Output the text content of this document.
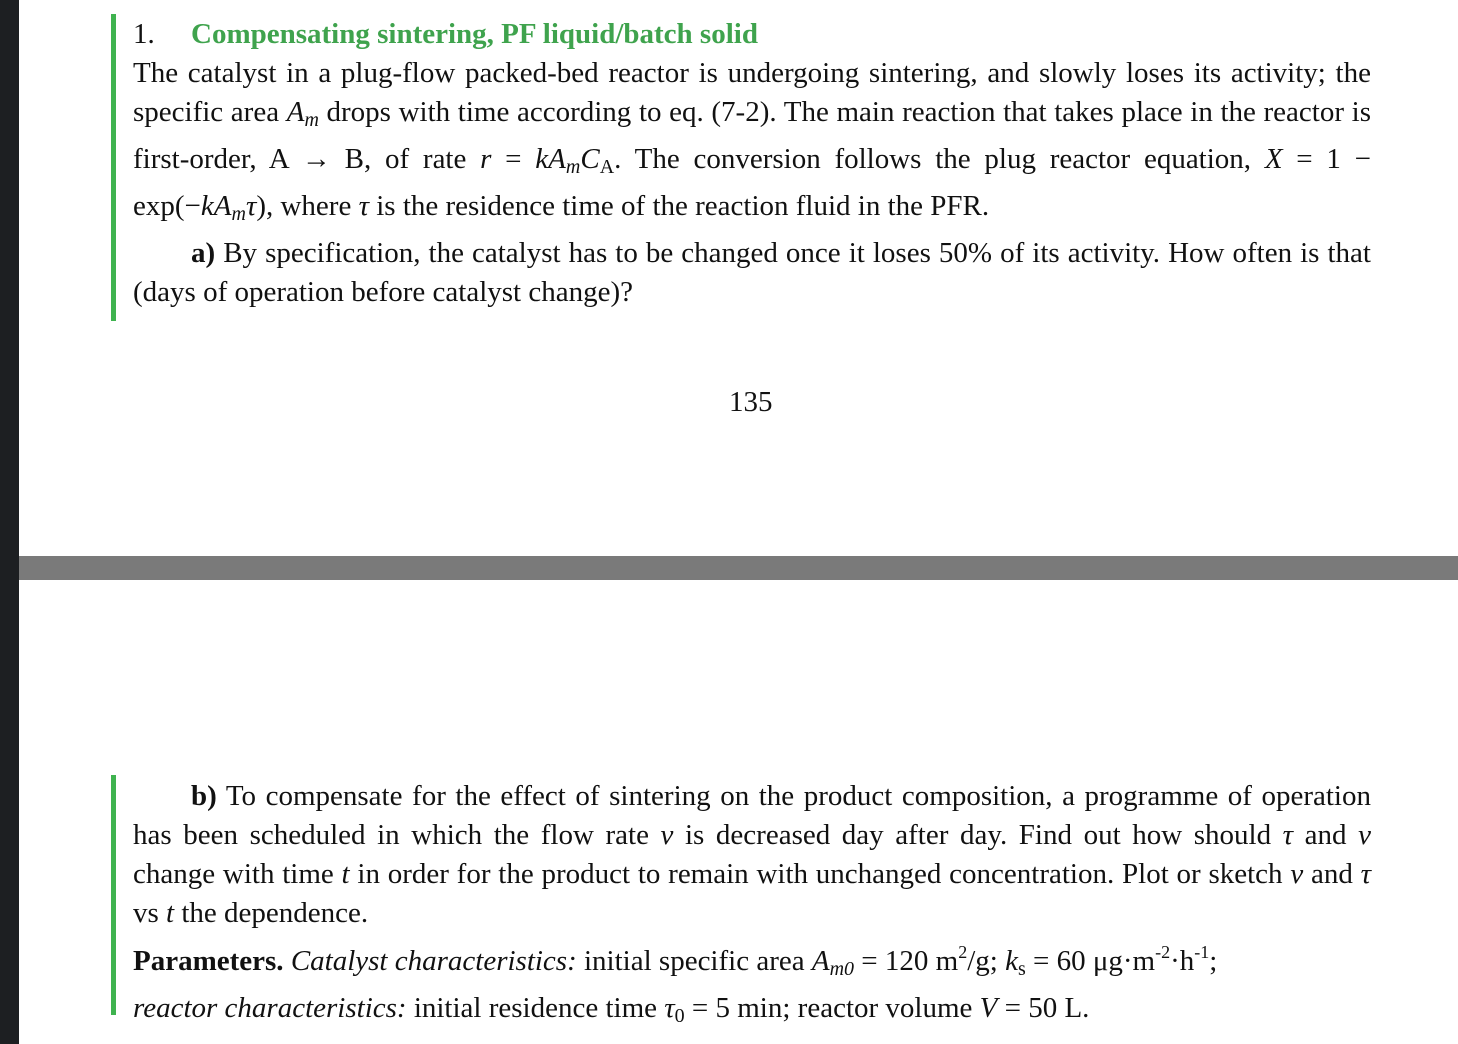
1. Compensating sintering, PF liquid/batch solid

The catalyst in a plug-flow packed-bed reactor is undergoing sintering, and slowly loses its activity; the specific area $A_m$ drops with time according to eq. (7-2). The main reaction that takes place in the reactor is first-order, A → B, of rate $r = kA_mC_A$. The conversion follows the plug reactor equation, $X = 1 - \exp(-kA_m\tau)$, where τ is the residence time of the reaction fluid in the PFR.

a) By specification, the catalyst has to be changed once it loses 50% of its activity. How often is that (days of operation before catalyst change)?

135

b) To compensate for the effect of sintering on the product composition, a programme of operation has been scheduled in which the flow rate v is decreased day after day. Find out how should τ and v change with time t in order for the product to remain with unchanged concentration. Plot or sketch v and τ vs t the dependence.

Parameters. Catalyst characteristics: initial specific area $A_{m0} = 120$ $m^2/g$; $k_s = 60$ $\mu g\cdot m^{-2}\cdot h^{-1}$;
reactor characteristics: initial residence time $\tau_0 = 5$ min; reactor volume V = 50 L.
